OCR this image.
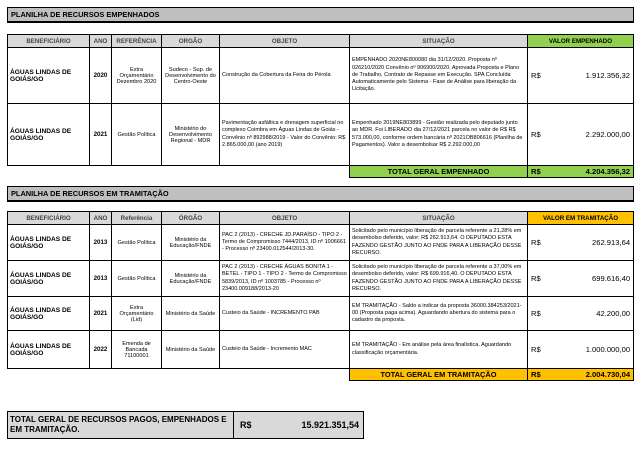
PLANILHA DE RECURSOS EMPENHADOS							

BENEFICIÁRIO	ANO	REFERÊNCIA	ORGÃO	OBJETO	SITUAÇÃO	VALOR EMPENHADO	
ÁGUAS LINDAS DE GOIÁS/GO	2020	Extra Orçamentário Dezembro 2020	Sudeco - Sup. de Desenvolvimento do Centro-Oeste	Construção da Cobertura da Feira do Pérola	EMPENHADO 2020NE800080 dia 31/12/2020. Proposta nº 026210/2020 Convênio nº 906900/2020. Aprovada Proposta e Plano de Trabalho, Contrato de Repasse em Execução. SPA Concluída Automaticamente pelo Sistema - Fase de Análise para liberação da Licitação.	R$	1.912.356,32
ÁGUAS LINDAS DE GOIÁS/GO	2021	Gestão Política	Ministério do Desenvolvimento Regional - MDR	Pavimentação asfáltica e drenagem superficial no complexo Coimbra em Águas Lindas de Goiás - Convênio nº 892988/2019 - Valor do Convênio: R$ 2.865.000,00 (ano 2019)	Empenhado 2019NE803899 - Gestão realizada pelo deputado junto ao MDR. Foi LIBERADO dia 27/12/2021 parcela no valor de R$ R$ 573.000,00, conforme ordem bancária nº 2021OB806616 (Planilha de Pagamentos). Valor a desembolsar R$ 2.292.000,00	R$	2.292.000,00
					TOTAL GERAL EMPENHADO	R$	4.204.356,32
PLANILHA DE RECURSOS EM TRAMITAÇÃO							

BENEFICIÁRIO	ANO	Referência	ÓRGÃO	OBJETO	SITUAÇÃO	VALOR EM TRAMITAÇÃO	
ÁGUAS LINDAS DE GOIÁS/GO	2013	Gestão Política	Ministério da Educação/FNDE	PAC 2 (2013) - CRECHE JD.PARAÍSO - TIPO 2 - Termo de Compromisso 7444/2013, ID nº 1006661 - Processo nº 23400.012544/2013-30.	Solicitado pelo município liberação de parcela referente a 21,28% em desembolso deferido, valor: R$ 262.913,64. O DEPUTADO ESTA FAZENDO GESTÃO JUNTO AO FNDE PARA A LIBERAÇÃO DESSE RECURSO.	R$	262.913,64
ÁGUAS LINDAS DE GOIÁS/GO	2013	Gestão Política	Ministério da Educação/FNDE	PAC 2 (2013) - CRECHE ÁGUAS BONITA 1 - BETEL - TIPO 1 - TIPO 2 - Termo de Compromisso 5839/2013, ID nº 1003785 - Processo nº 23400.009188/2013-20	Solicitado pelo município liberação de parcela referente a 37,00% em desembolso deferido, valor: R$ 699.916,40. O DEPUTADO ESTA FAZENDO GESTÃO JUNTO AO FNDE PARA A LIBERAÇÃO DESSE RECURSO.	R$	699.616,40
ÁGUAS LINDAS DE GOIÁS/GO	2021	Extra Orçamentário (Lid)	Ministério da Saúde	Custeio da Saúde - INCREMENTO PAB	EM TRAMITAÇÃO - Saldo a indicar da proposta 36000.384253/2021-00 (Proposta paga acima). Aguardando abertura do sistema para o cadastro da proposta.	R$	42.200,00
ÁGUAS LINDAS DE GOIÁS/GO	2022	Emenda de Bancada 71100001	Ministério da Saúde	Custeio da Saúde - Incremento MAC	EM TRAMITAÇÃO - Em análise pela área finalística. Aguardando classificação orçamentária.	R$	1.000.000,00
					TOTAL GERAL EM TRAMITAÇÃO	R$	2.004.730,04
TOTAL GERAL DE RECURSOS PAGOS, EMPENHADOS E EM TRAMITAÇÃO.	R$	15.921.351,54
